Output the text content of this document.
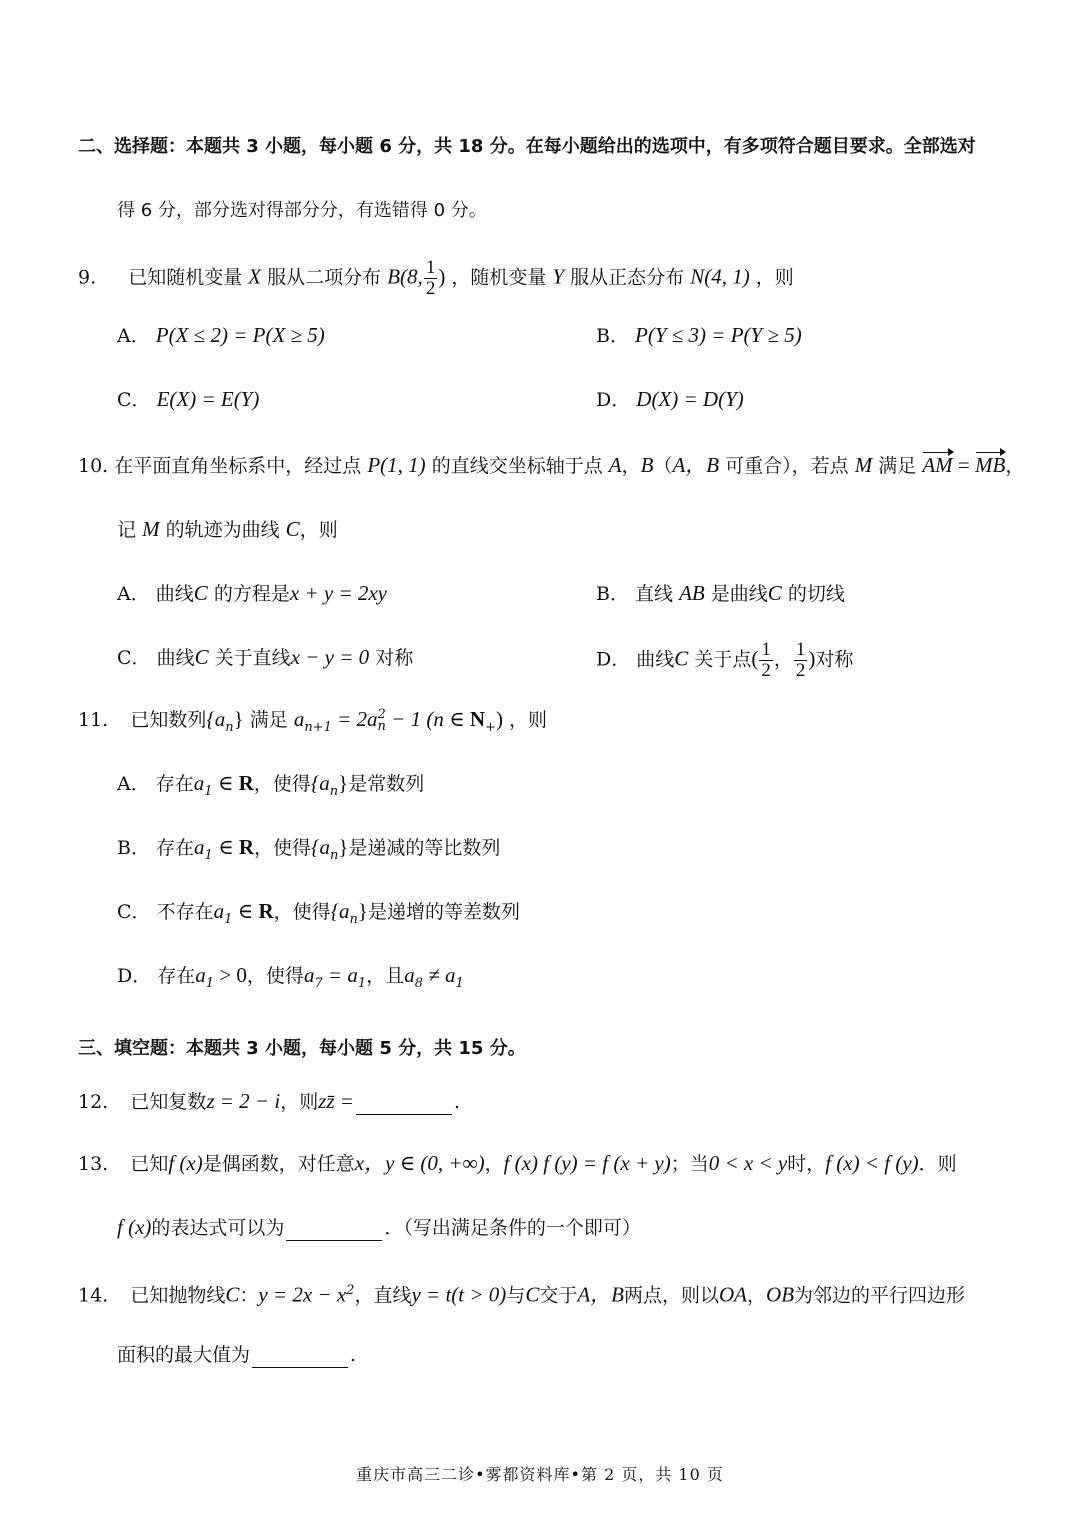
二、选择题：本题共 3 小题，每小题 6 分，共 18 分。在每小题给出的选项中，有多项符合题目要求。全部选对
得 6 分，部分选对得部分分，有选错得 0 分。
9. 已知随机变量 X 服从二项分布 B(8, $\frac{1}{2}$ ) ，随机变量 Y 服从正态分布 N(4, 1) ，则
A． P(X ≤ 2) = P(X ≥ 5)	B． P(Y ≤ 3) = P(Y ≥ 5)
C． E(X) = E(Y)	D． D(X) = D(Y)
10. 在平面直角坐标系中，经过点 P(1, 1) 的直线交坐标轴于点 A，B（A，B 可重合），若点 M 满足 AM = MB，
记 M 的轨迹为曲线 C，则
A． 曲线C 的方程是x + y = 2xy	B． 直线 AB 是曲线C 的切线
C． 曲线C 关于直线x − y = 0 对称	D． 曲线C 关于点( $\frac{1}{2}$ ， $\frac{1}{2}$ )对称
11. 已知数列$\{a_n\}$ 满足 $a_{n+1} = 2a$ 2
n − 1 (n ∈ $N_+$) ，则
A． 存在$a_1$ ∈ R，使得$\{a_n\}$是常数列
B． 存在$a_1$ ∈ R，使得$\{a_n\}$是递减的等比数列
C． 不存在$a_1$ ∈ R，使得$\{a_n\}$是递增的等差数列
D． 存在$a_1 > 0$，使得$a_7 = a_1$，且$a_8 \ne a_1$
三、填空题：本题共 3 小题，每小题 5 分，共 15 分。
12. 已知复数z = 2 − i，则zz̄ =	.
13. 已知f (x)是偶函数，对任意x，y ∈ (0, +∞)，f (x) f (y) = f (x + y)；当0 < x < y时，f (x) < f (y)．则
f (x)的表达式可以为	．（写出满足条件的一个即可）
14. 已知抛物线C：$y = 2x - x^2$，直线y = t(t > 0)与C交于A，B两点，则以OA，OB为邻边的平行四边形
面积的最大值为	.
重庆市高三二诊•雾都资料库•第 2 页，共 10 页
